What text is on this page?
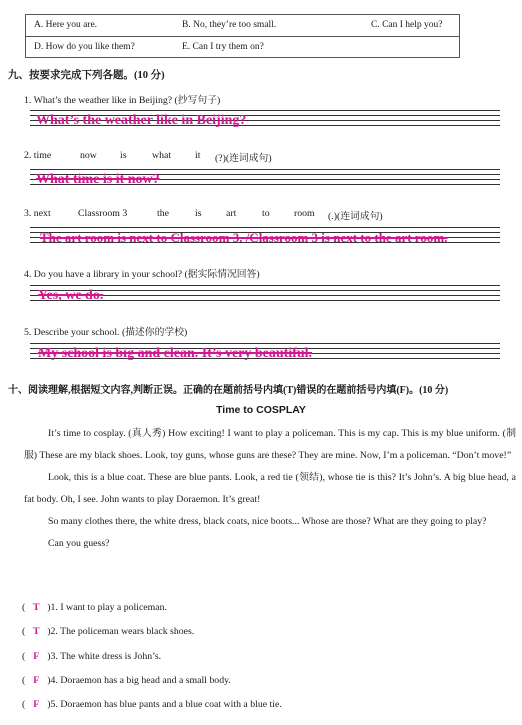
A. Here you are.	B. No, they’re too small.	C. Can I help you?
D. How do you like them?	E. Can I try them on?
九、按要求完成下列各题。(10 分)
1. What’s the weather like in Beijing? (抄写句子)
What’s the weather like in Beijing?
2. time	now is	what it (?)(连词成句)
What time is it now?
3. next	Classroom 3	the	is art	to room (.)(连词成句)
The art room is next to Classroom 3. /Classroom 3 is next to the art room.
4. Do you have a library in your school? (据实际情况回答)
Yes, we do.
5. Describe your school. (描述你的学校)
My school is big and clean. It’s very beautiful.
十、阅读理解,根据短文内容,判断正误。正确的在题前括号内填(T)错误的在题前括号内填(F)。(10 分)
Time to COSPLAY

It’s time to cosplay. (真人秀) How exciting! I want to play a policeman. This is my cap. This is my blue uniform. (制服) These are my black shoes. Look, toy guns, whose guns are these? They are mine. Now, I’m a policeman. “Don’t move!”

Look, this is a blue coat. These are blue pants. Look, a red tie (领结), whose tie is this? It’s John’s. A big blue head, a fat body. Oh, I see. John wants to play Doraemon. It’s great!

So many clothes there, the white dress, black coats, nice boots... Whose are those? What are they going to play?

Can you guess?

( T )1. I want to play a policeman.
( T )2. The policeman wears black shoes.
( F )3. The white dress is John’s.
( F )4. Doraemon has a big head and a small body.
( F )5. Doraemon has blue pants and a blue coat with a blue tie.
